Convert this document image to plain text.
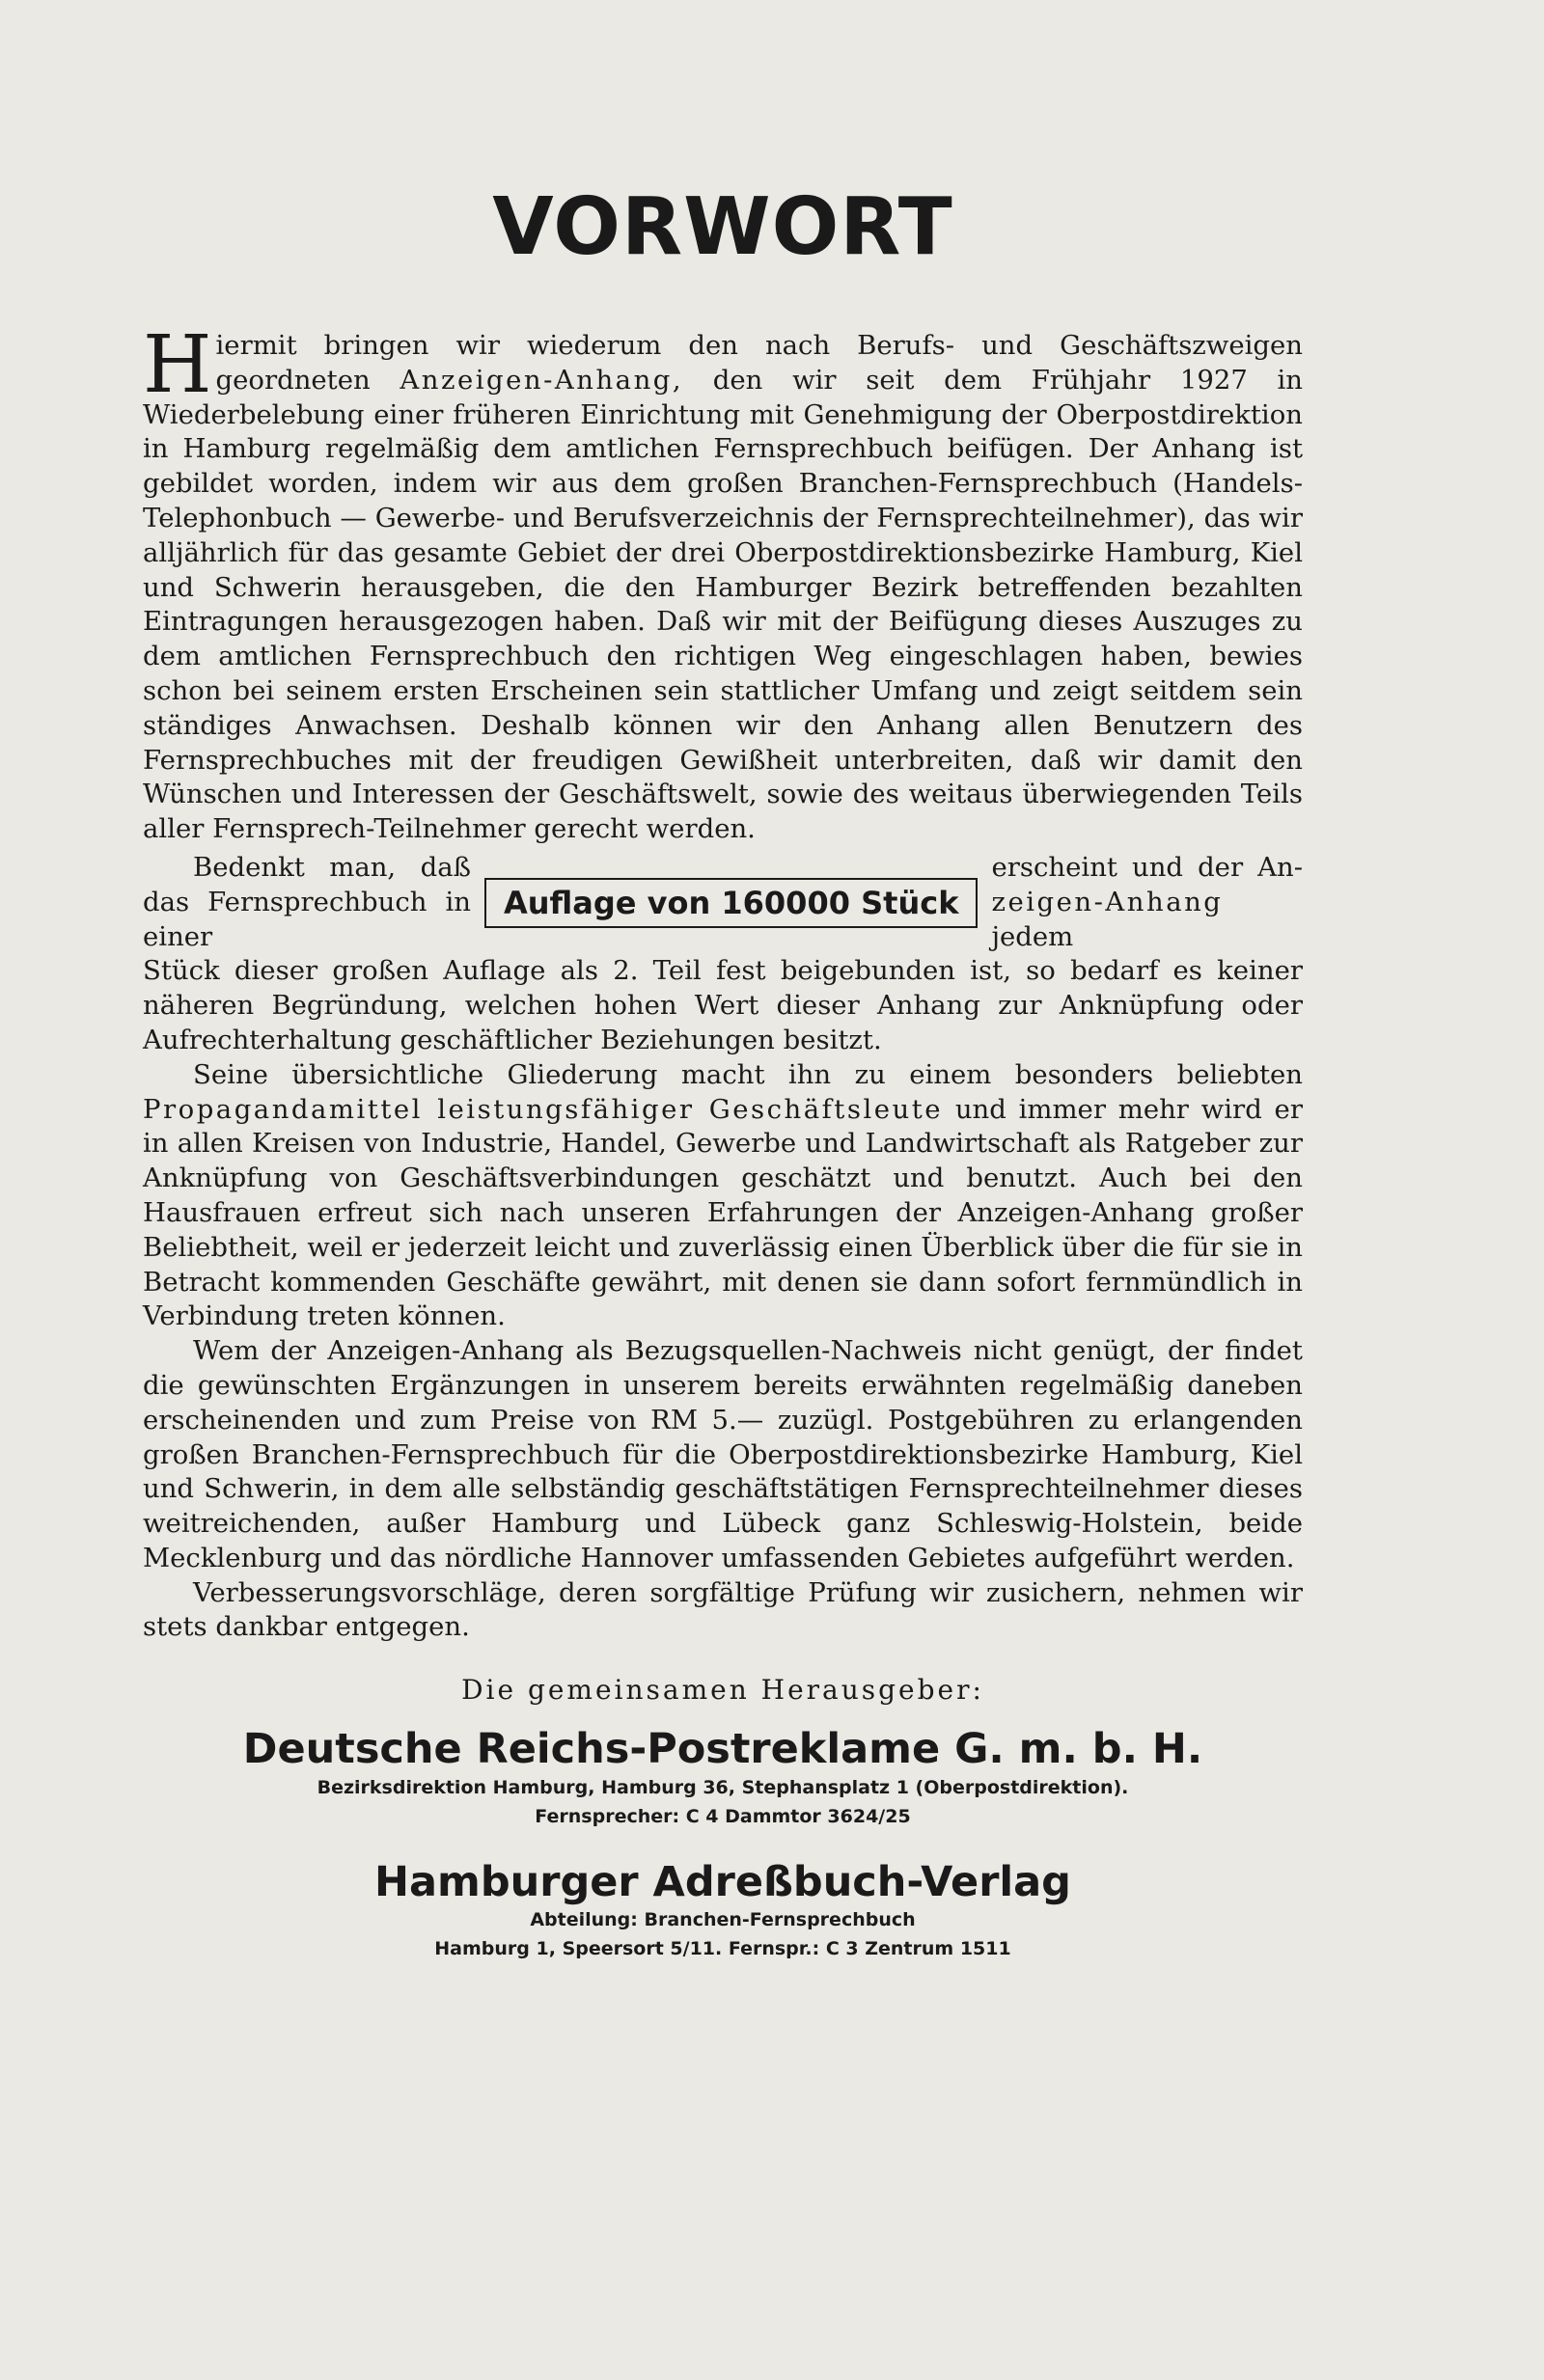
VORWORT

Hiermit bringen wir wiederum den nach Berufs- und Geschäftszweigen geordneten Anzeigen-Anhang, den wir seit dem Frühjahr 1927 in Wiederbelebung einer früheren Einrichtung mit Genehmigung der Oberpostdirektion in Hamburg regelmäßig dem amtlichen Fernsprechbuch beifügen. Der Anhang ist gebildet worden, indem wir aus dem großen Branchen-Fernsprechbuch (Handels-Telephonbuch — Gewerbe- und Berufsverzeichnis der Fernsprechteilnehmer), das wir alljährlich für das gesamte Gebiet der drei Oberpostdirektionsbezirke Hamburg, Kiel und Schwerin herausgeben, die den Hamburger Bezirk betreffenden bezahlten Eintragungen herausgezogen haben. Daß wir mit der Beifügung dieses Auszuges zu dem amtlichen Fernsprechbuch den richtigen Weg eingeschlagen haben, bewies schon bei seinem ersten Erscheinen sein stattlicher Umfang und zeigt seitdem sein ständiges Anwachsen. Deshalb können wir den Anhang allen Benutzern des Fernsprechbuches mit der freudigen Gewißheit unterbreiten, daß wir damit den Wünschen und Interessen der Geschäftswelt, sowie des weitaus überwiegenden Teils aller Fernsprech-Teilnehmer gerecht werden.

Bedenkt man, daß das Fernsprechbuch in einer
Auflage von 160000 Stück
erscheint und der An-
zeigen-Anhang jedem

Stück dieser großen Auflage als 2. Teil fest beigebunden ist, so bedarf es keiner näheren Begründung, welchen hohen Wert dieser Anhang zur Anknüpfung oder Aufrechterhaltung geschäftlicher Beziehungen besitzt.

Seine übersichtliche Gliederung macht ihn zu einem besonders beliebten Propagandamittel leistungsfähiger Geschäftsleute und immer mehr wird er in allen Kreisen von Industrie, Handel, Gewerbe und Landwirtschaft als Ratgeber zur Anknüpfung von Geschäftsverbindungen geschätzt und benutzt. Auch bei den Hausfrauen erfreut sich nach unseren Erfahrungen der Anzeigen-Anhang großer Beliebtheit, weil er jederzeit leicht und zuverlässig einen Überblick über die für sie in Betracht kommenden Geschäfte gewährt, mit denen sie dann sofort fernmündlich in Verbindung treten können.

Wem der Anzeigen-Anhang als Bezugsquellen-Nachweis nicht genügt, der findet die gewünschten Ergänzungen in unserem bereits erwähnten regelmäßig daneben erscheinenden und zum Preise von RM 5.— zuzügl. Postgebühren zu erlangenden großen Branchen-Fernsprechbuch für die Oberpostdirektionsbezirke Hamburg, Kiel und Schwerin, in dem alle selbständig geschäftstätigen Fernsprechteilnehmer dieses weitreichenden, außer Hamburg und Lübeck ganz Schleswig-Holstein, beide Mecklenburg und das nördliche Hannover umfassenden Gebietes aufgeführt werden.

Verbesserungsvorschläge, deren sorgfältige Prüfung wir zusichern, nehmen wir stets dankbar entgegen.

Die gemeinsamen Herausgeber:
Deutsche Reichs-Postreklame G. m. b. H.
Bezirksdirektion Hamburg, Hamburg 36, Stephansplatz 1 (Oberpostdirektion).
Fernsprecher: C 4 Dammtor 3624/25
Hamburger Adreßbuch-Verlag
Abteilung: Branchen-Fernsprechbuch
Hamburg 1, Speersort 5/11. Fernspr.: C 3 Zentrum 1511
